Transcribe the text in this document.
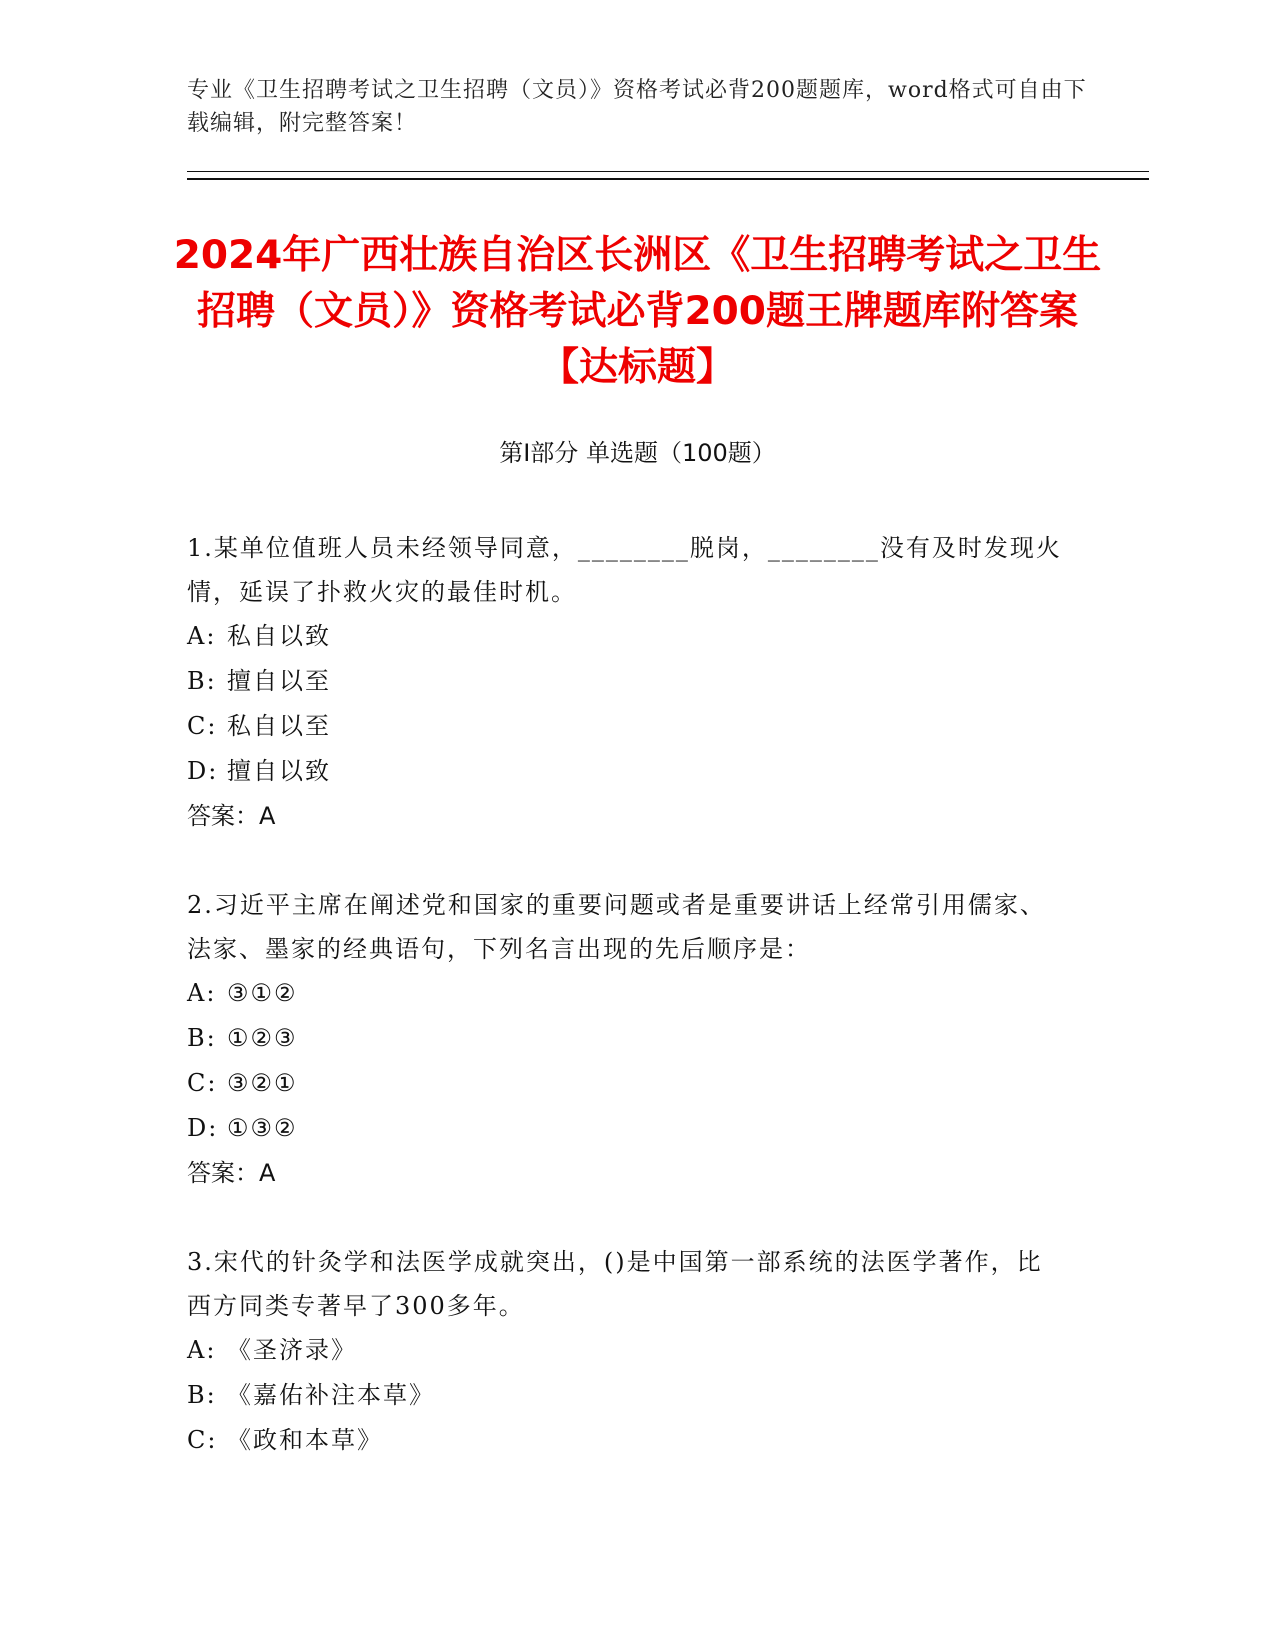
专业《卫生招聘考试之卫生招聘（文员）》资格考试必背200题题库，word格式可自由下载编辑，附完整答案！
2024年广西壮族自治区长洲区《卫生招聘考试之卫生招聘（文员）》资格考试必背200题王牌题库附答案【达标题】
第I部分 单选题（100题）

1.某单位值班人员未经领导同意，________脱岗，________没有及时发现火情，延误了扑救火灾的最佳时机。

A: 私自以致
B: 擅自以至
C: 私自以至
D: 擅自以致
答案：A

2.习近平主席在阐述党和国家的重要问题或者是重要讲话上经常引用儒家、法家、墨家的经典语句，下列名言出现的先后顺序是：

A: ③①②
B: ①②③
C: ③②①
D: ①③②
答案：A

3.宋代的针灸学和法医学成就突出，()是中国第一部系统的法医学著作，比西方同类专著早了300多年。

A: 《圣济录》
B: 《嘉佑补注本草》
C: 《政和本草》
